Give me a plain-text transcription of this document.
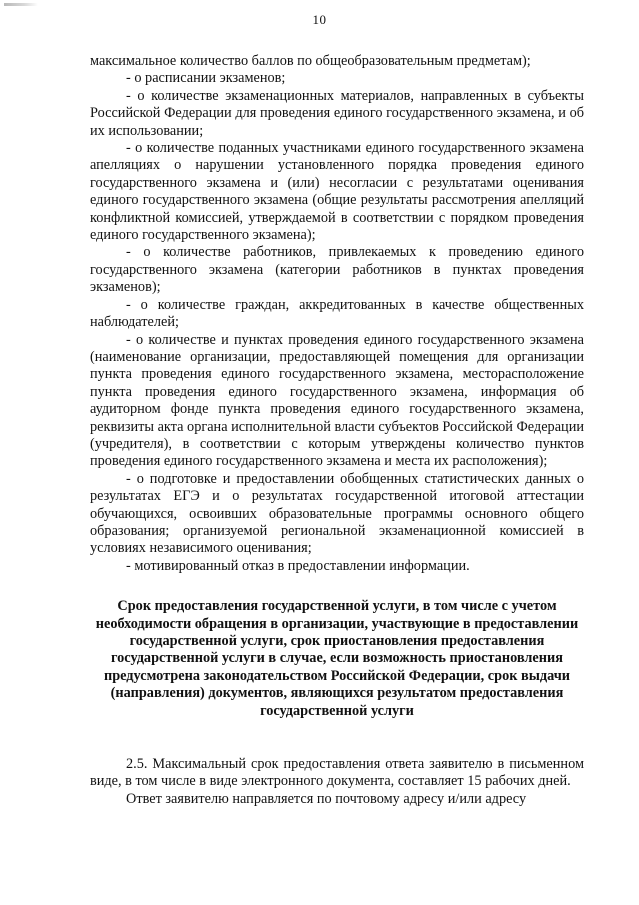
10

максимальное количество баллов по общеобразовательным предметам);

- о расписании экзаменов;

- о количестве экзаменационных материалов, направленных в субъекты Российской Федерации для проведения единого государственного экзамена, и об их использовании;

- о количестве поданных участниками единого государственного экзамена апелляциях о нарушении установленного порядка проведения единого государственного экзамена и (или) несогласии с результатами оценивания единого государственного экзамена (общие результаты рассмотрения апелляций конфликтной комиссией, утверждаемой в соответствии с порядком проведения единого государственного экзамена);

- о количестве работников, привлекаемых к проведению единого государственного экзамена (категории работников в пунктах проведения экзаменов);

- о количестве граждан, аккредитованных в качестве общественных наблюдателей;

- о количестве и пунктах проведения единого государственного экзамена (наименование организации, предоставляющей помещения для организации пункта проведения единого государственного экзамена, месторасположение пункта проведения единого государственного экзамена, информация об аудиторном фонде пункта проведения единого государственного экзамена, реквизиты акта органа исполнительной власти субъектов Российской Федерации (учредителя), в соответствии с которым утверждены количество пунктов проведения единого государственного экзамена и места их расположения);

- о подготовке и предоставлении обобщенных статистических данных о результатах ЕГЭ и о результатах государственной итоговой аттестации обучающихся, освоивших образовательные программы основного общего образования; организуемой региональной экзаменационной комиссией в условиях независимого оценивания;

- мотивированный отказ в предоставлении информации.

Срок предоставления государственной услуги, в том числе с учетом необходимости обращения в организации, участвующие в предоставлении государственной услуги, срок приостановления предоставления государственной услуги в случае, если возможность приостановления предусмотрена законодательством Российской Федерации, срок выдачи (направления) документов, являющихся результатом предоставления государственной услуги

2.5. Максимальный срок предоставления ответа заявителю в письменном виде, в том числе в виде электронного документа, составляет 15 рабочих дней.

Ответ заявителю направляется по почтовому адресу и/или адресу
